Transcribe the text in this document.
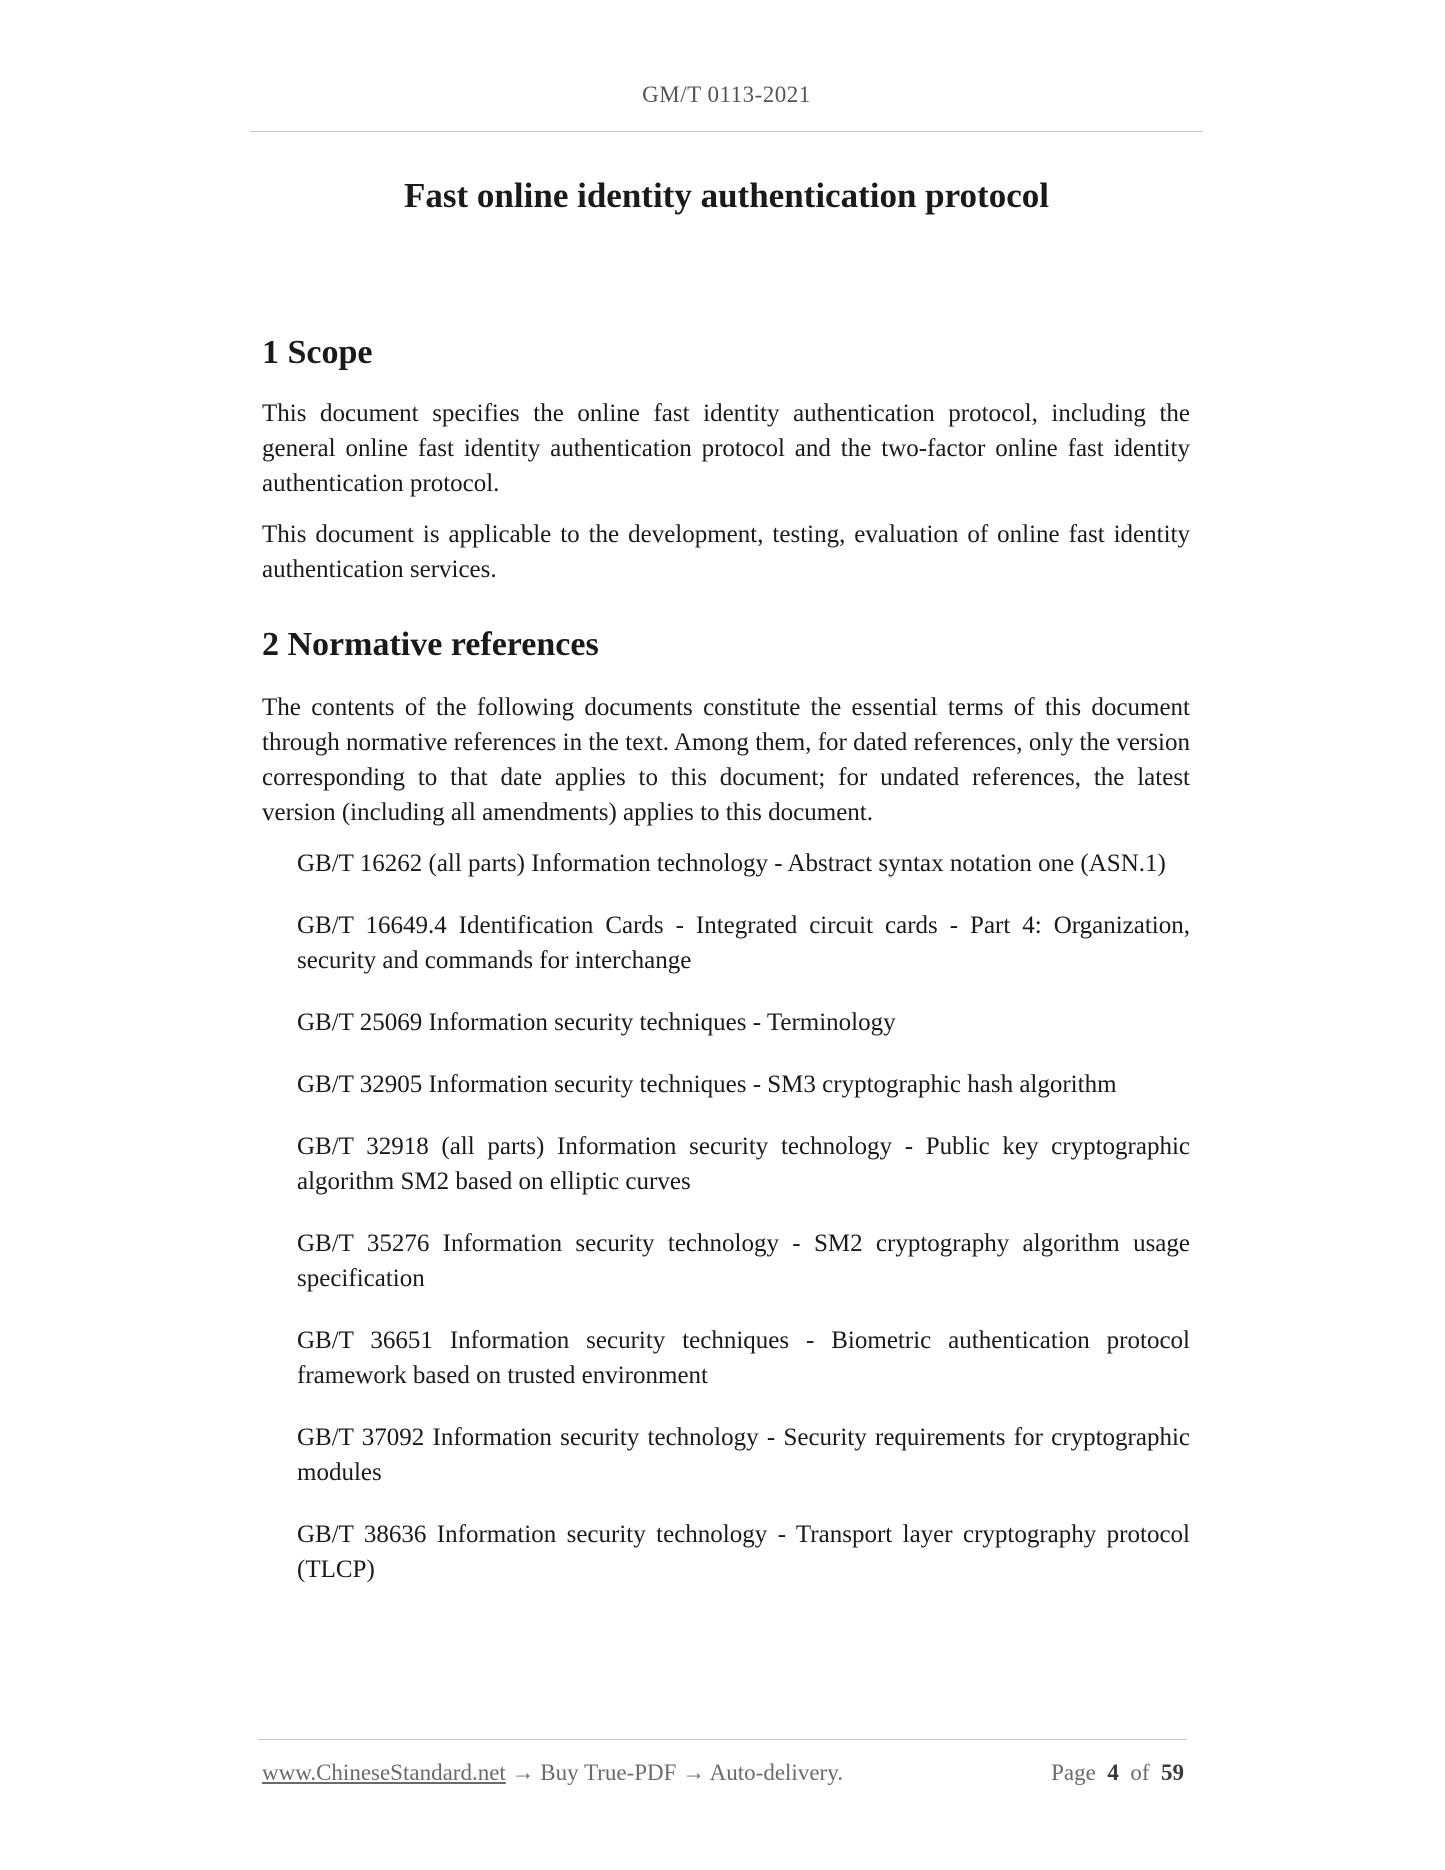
GM/T 0113-2021
Fast online identity authentication protocol
1 Scope

This document specifies the online fast identity authentication protocol, including the general online fast identity authentication protocol and the two-factor online fast identity authentication protocol.

This document is applicable to the development, testing, evaluation of online fast identity authentication services.

2 Normative references

The contents of the following documents constitute the essential terms of this document through normative references in the text. Among them, for dated references, only the version corresponding to that date applies to this document; for undated references, the latest version (including all amendments) applies to this document.

GB/T 16262 (all parts) Information technology - Abstract syntax notation one (ASN.1)
GB/T 16649.4 Identification Cards - Integrated circuit cards - Part 4: Organization, security and commands for interchange
GB/T 25069 Information security techniques - Terminology
GB/T 32905 Information security techniques - SM3 cryptographic hash algorithm
GB/T 32918 (all parts) Information security technology - Public key cryptographic algorithm SM2 based on elliptic curves
GB/T 35276 Information security technology - SM2 cryptography algorithm usage specification
GB/T 36651 Information security techniques - Biometric authentication protocol framework based on trusted environment
GB/T 37092 Information security technology - Security requirements for cryptographic modules
GB/T 38636 Information security technology - Transport layer cryptography protocol (TLCP)
www.ChineseStandard.net → Buy True-PDF → Auto-delivery.	Page 4 of 59
